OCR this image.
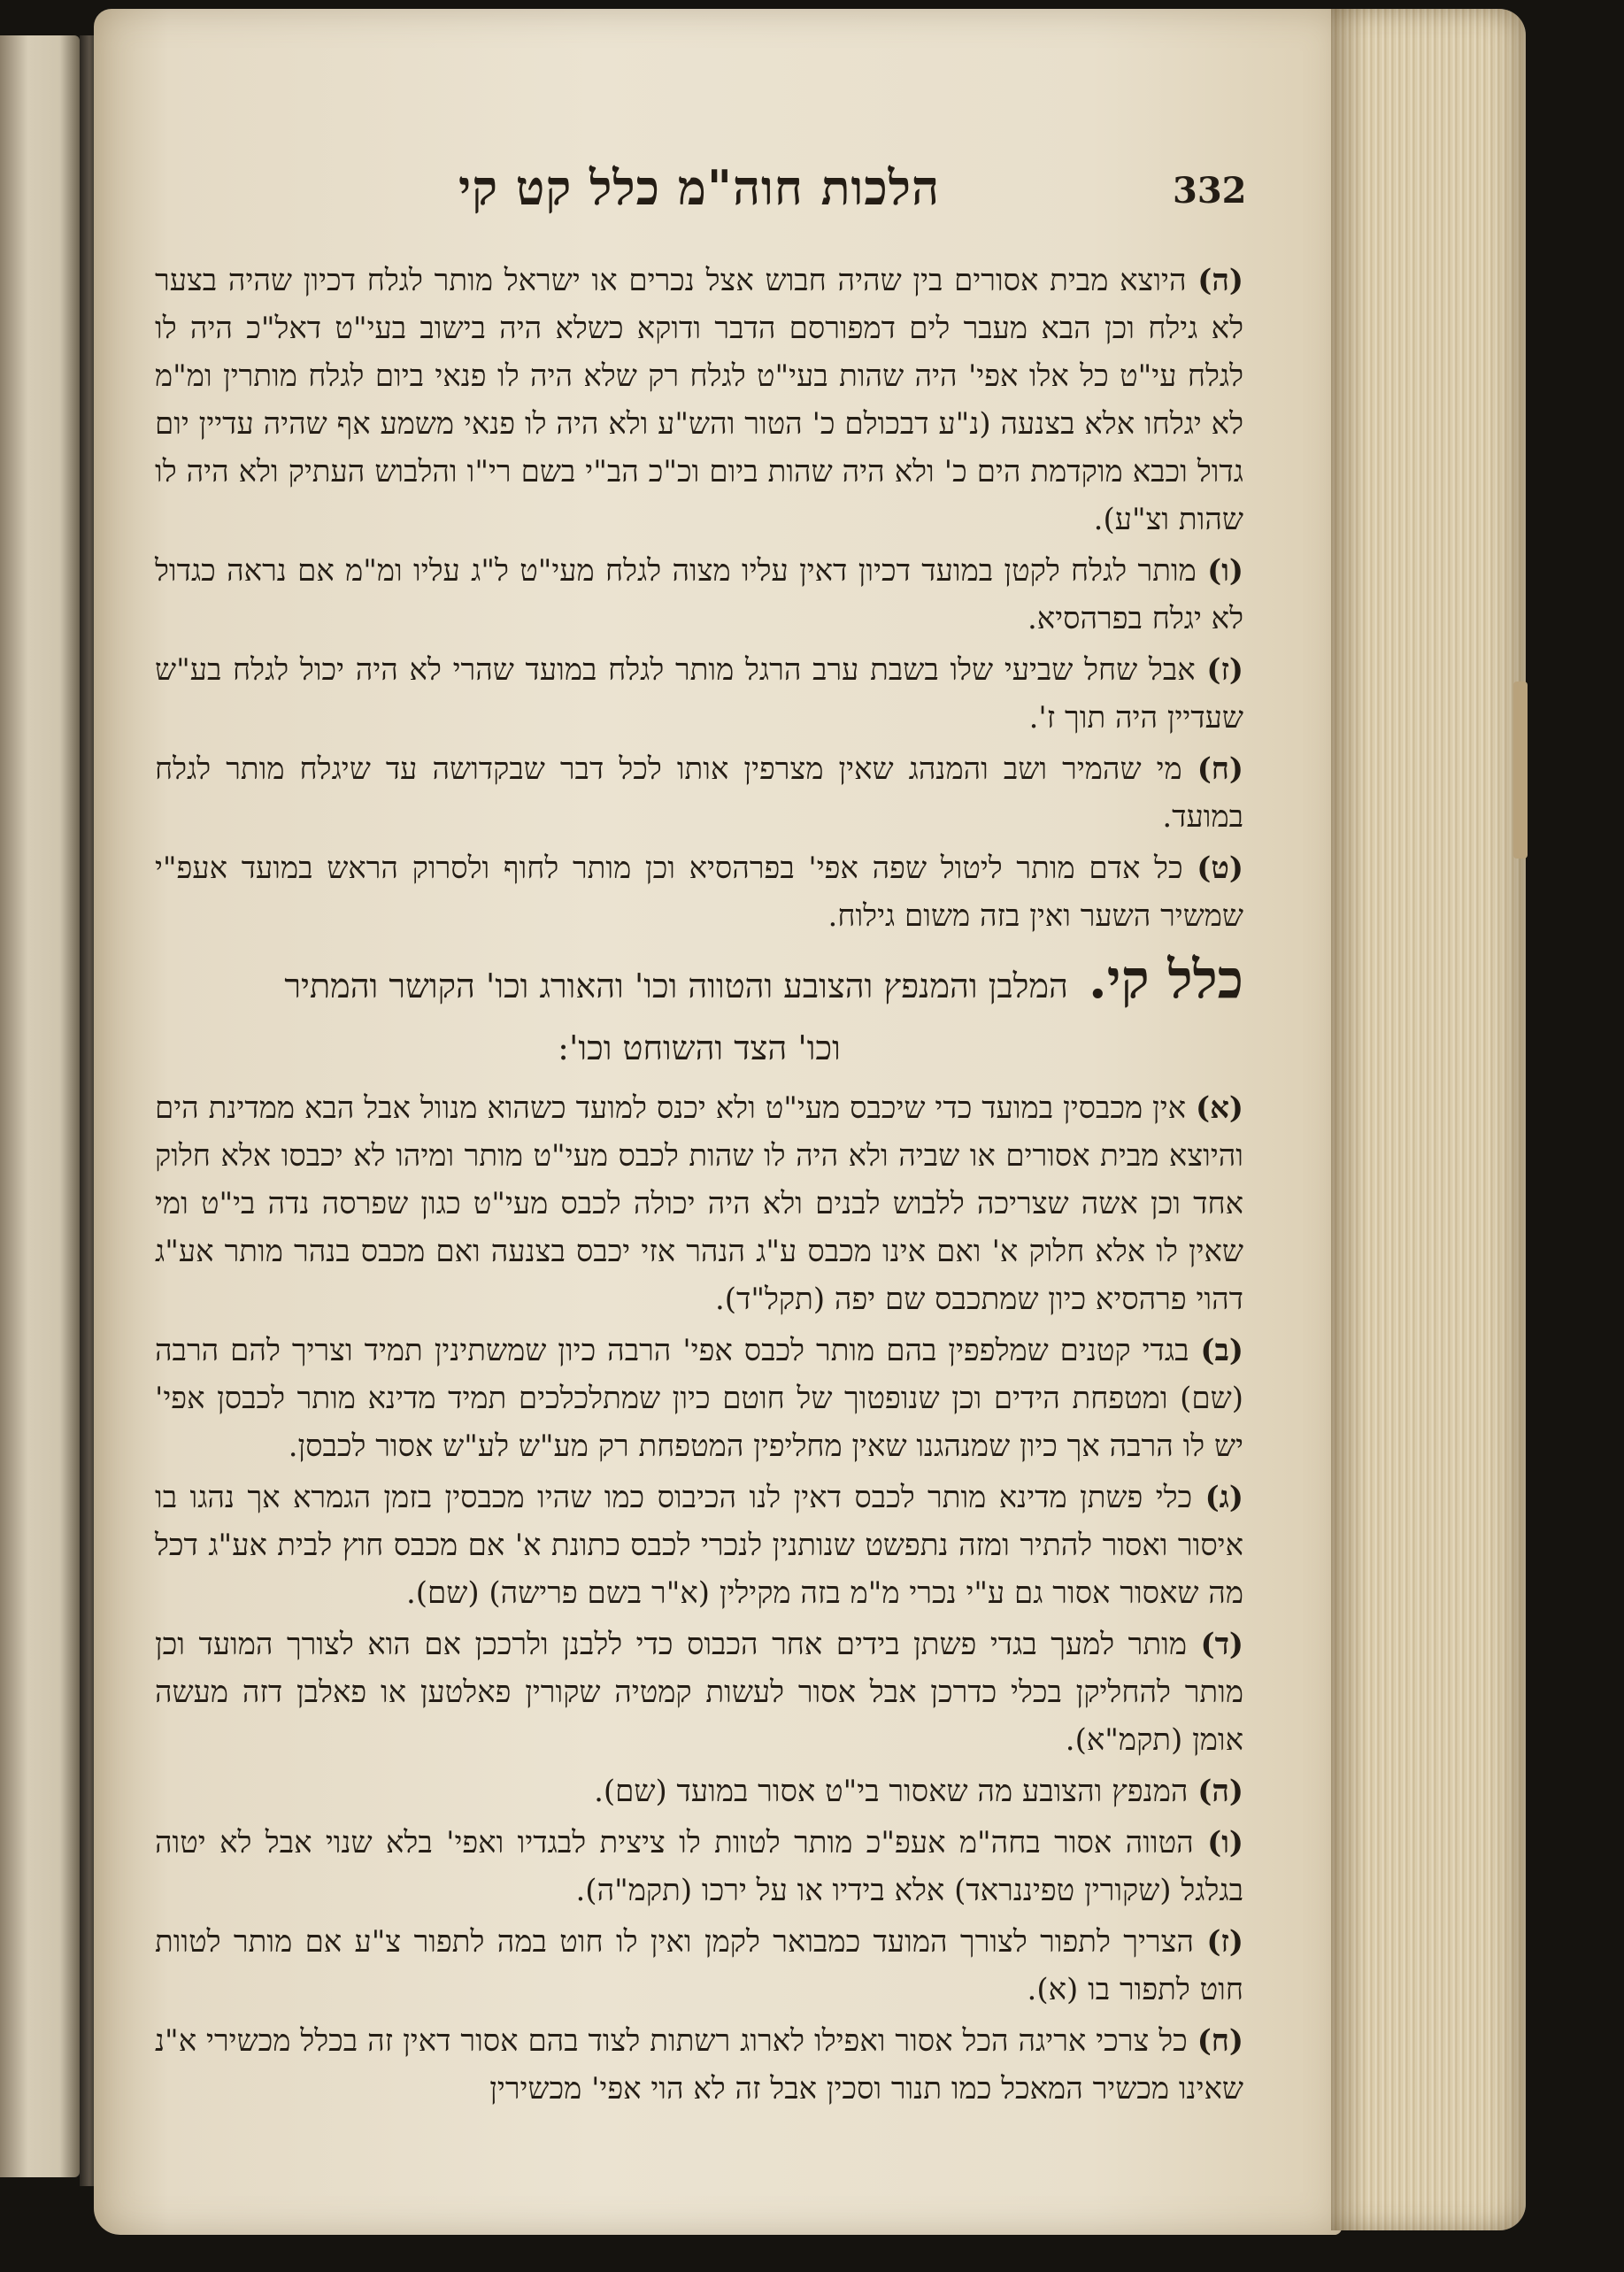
הלכות חוה"מ כלל קט קי	332

(ה) היוצא מבית אסורים בין שהיה חבוש אצל נכרים או ישראל מותר לגלח דכיון שהיה בצער לא גילח וכן הבא מעבר לים דמפורסם הדבר ודוקא כשלא היה בישוב בעי"ט דאל"כ היה לו לגלח עי"ט כל אלו אפי' היה שהות בעי"ט לגלח רק שלא היה לו פנאי ביום לגלח מותרין ומ"מ לא יגלחו אלא בצנעה (נ"ע דבכולם כ' הטור והש"ע ולא היה לו פנאי משמע אף שהיה עדיין יום גדול וכבא מוקדמת הים כ' ולא היה שהות ביום וכ"כ הב"י בשם רי"ו והלבוש העתיק ולא היה לו שהות וצ"ע).

(ו) מותר לגלח לקטן במועד דכיון דאין עליו מצוה לגלח מעי"ט ל"ג עליו ומ"מ אם נראה כגדול לא יגלח בפרהסיא.

(ז) אבל שחל שביעי שלו בשבת ערב הרגל מותר לגלח במועד שהרי לא היה יכול לגלח בע"ש שעדיין היה תוך ז'.

(ח) מי שהמיר ושב והמנהג שאין מצרפין אותו לכל דבר שבקדושה עד שיגלח מותר לגלח במועד.

(ט) כל אדם מותר ליטול שפה אפי' בפרהסיא וכן מותר לחוף ולסרוק הראש במועד אעפ"י שמשיר השער ואין בזה משום גילוח.

כלל קי. המלבן והמנפץ והצובע והטווה וכו' והאורג וכו' הקושר והמתיר
וכו' הצד והשוחט וכו':

(א) אין מכבסין במועד כדי שיכבס מעי"ט ולא יכנס למועד כשהוא מנוול אבל הבא ממדינת הים והיוצא מבית אסורים או שביה ולא היה לו שהות לכבס מעי"ט מותר ומיהו לא יכבסו אלא חלוק אחד וכן אשה שצריכה ללבוש לבנים ולא היה יכולה לכבס מעי"ט כגון שפרסה נדה בי"ט ומי שאין לו אלא חלוק א' ואם אינו מכבס ע"ג הנהר אזי יכבס בצנעה ואם מכבס בנהר מותר אע"ג דהוי פרהסיא כיון שמתכבס שם יפה (תקל"ד).

(ב) בגדי קטנים שמלפפין בהם מותר לכבס אפי' הרבה כיון שמשתינין תמיד וצריך להם הרבה (שם) ומטפחת הידים וכן שנופטוך של חוטם כיון שמתלכלכים תמיד מדינא מותר לכבסן אפי' יש לו הרבה אך כיון שמנהגנו שאין מחליפין המטפחת רק מע"ש לע"ש אסור לכבסן.

(ג) כלי פשתן מדינא מותר לכבס דאין לנו הכיבוס כמו שהיו מכבסין בזמן הגמרא אך נהגו בו איסור ואסור להתיר ומזה נתפשט שנותנין לנכרי לכבס כתונת א' אם מכבס חוץ לבית אע"ג דכל מה שאסור אסור גם ע"י נכרי מ"מ בזה מקילין (א"ר בשם פרישה) (שם).

(ד) מותר למעך בגדי פשתן בידים אחר הכבוס כדי ללבנן ולרככן אם הוא לצורך המועד וכן מותר להחליקן בכלי כדרכן אבל אסור לעשות קמטיה שקורין פאלטען או פאלבן דזה מעשה אומן (תקמ"א).

(ה) המנפץ והצובע מה שאסור בי"ט אסור במועד (שם).

(ו) הטווה אסור בחה"מ אעפ"כ מותר לטוות לו ציצית לבגדיו ואפי' בלא שנוי אבל לא יטוה בגלגל (שקורין טפיננראד) אלא בידיו או על ירכו (תקמ"ה).

(ז) הצריך לתפור לצורך המועד כמבואר לקמן ואין לו חוט במה לתפור צ"ע אם מותר לטוות חוט לתפור בו (א).

(ח) כל צרכי אריגה הכל אסור ואפילו לארוג רשתות לצוד בהם אסור דאין זה בכלל מכשירי א"נ שאינו מכשיר המאכל כמו תנור וסכין אבל זה לא הוי אפי' מכשירין
